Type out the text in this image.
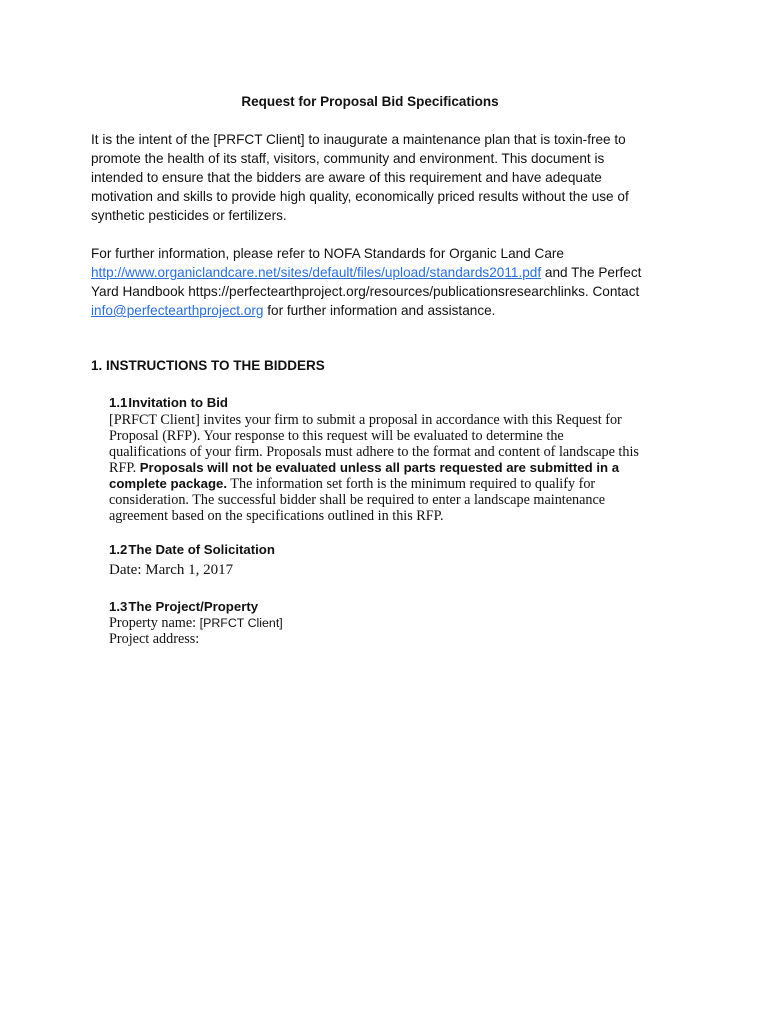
Request for Proposal Bid Specifications
It is the intent of the [PRFCT Client] to inaugurate a maintenance plan that is toxin-free to
promote the health of its staff, visitors, community and environment. This document is
intended to ensure that the bidders are aware of this requirement and have adequate
motivation and skills to provide high quality, economically priced results without the use of
synthetic pesticides or fertilizers.
For further information, please refer to NOFA Standards for Organic Land Care
http://www.organiclandcare.net/sites/default/files/upload/standards2011.pdf and The Perfect
Yard Handbook https://perfectearthproject.org/resources/publicationsresearchlinks. Contact
info@perfectearthproject.org for further information and assistance.
1. INSTRUCTIONS TO THE BIDDERS
1.1Invitation to Bid
[PRFCT Client] invites your firm to submit a proposal in accordance with this Request for
Proposal (RFP). Your response to this request will be evaluated to determine the
qualifications of your firm. Proposals must adhere to the format and content of landscape this
RFP. Proposals will not be evaluated unless all parts requested are submitted in a
complete package. The information set forth is the minimum required to qualify for
consideration. The successful bidder shall be required to enter a landscape maintenance
agreement based on the specifications outlined in this RFP.
1.2The Date of Solicitation
Date: March 1, 2017
1.3The Project/Property
Property name: [PRFCT Client]
Project address:
